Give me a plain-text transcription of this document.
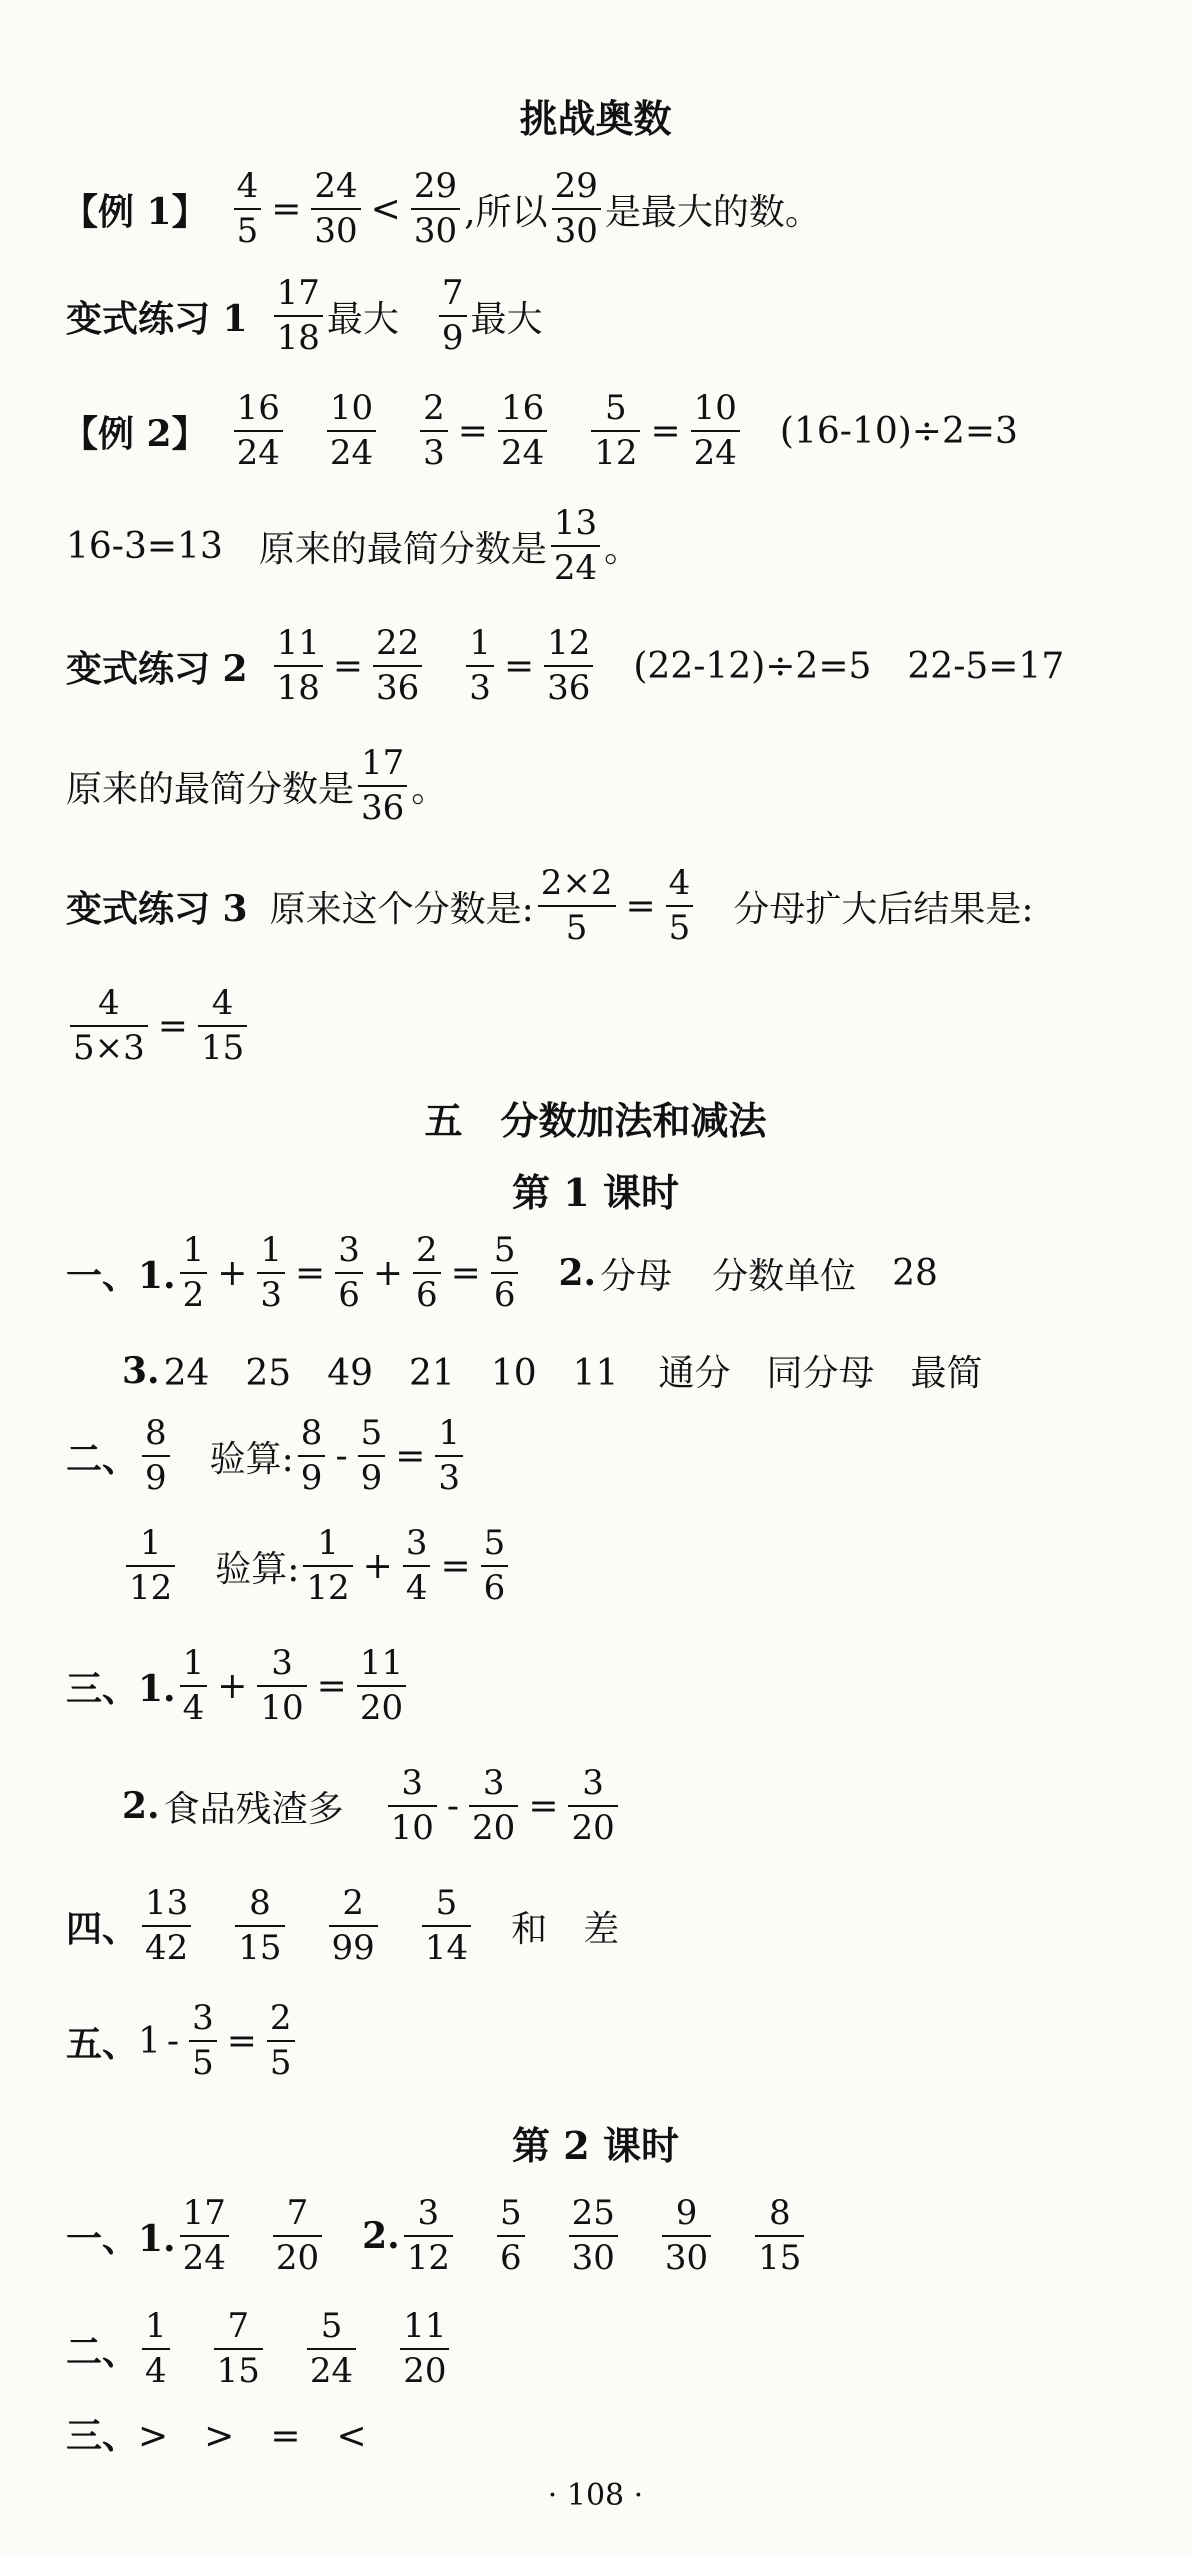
挑战奥数
【例 1】 $\frac{4}{5} = \frac{24}{30} < \frac{29}{30}$ ,所以 $\frac{29}{30}$ 是最大的数。
变式练习 $1 \frac{17}{18}$ 最大 $\frac{7}{9}$ 最大
【例 2】 $\frac{16}{24} \frac{10}{24} \frac{2}{3} = \frac{16}{24} \frac{5}{12} = \frac{10}{24} (16-10)\div 2=3$
16-3=13 原来的最简分数是 $\frac{13}{24}$ 。
变式练习 $2 \frac{11}{18} = \frac{22}{36} \frac{1}{3} = \frac{12}{36} (22-12)\div 2=5$ 22-5=17
原来的最简分数是 $\frac{17}{36}$ 。
变式练习 3 原来这个分数是: $\frac{2\times 2}{5} = \frac{4}{5}$ 分母扩大后结果是:
$\frac{4}{5\times 3} = \frac{4}{15}$
五　分数加法和减法
第 1 课时
一、1. $\frac{1}{2} + \frac{1}{3} = \frac{3}{6} + \frac{2}{6} = \frac{5}{6} 2$. 分母 分数单位 28
3. 24　25　49　21　10　11 通分 同分母 最简
二、 $\frac{8}{9}$ 验算: $\frac{8}{9} - \frac{5}{9} = \frac{1}{3}$
$\frac{1}{12}$ 验算: $\frac{1}{12} + \frac{3}{4} = \frac{5}{6}$
三、1. $\frac{1}{4} + \frac{3}{10} = \frac{11}{20}$
2. 食品残渣多 $\frac{3}{10} - \frac{3}{20} = \frac{3}{20}$
四、 $\frac{13}{42} \frac{8}{15} \frac{2}{99} \frac{5}{14}$ 和 差
五、 $1 - \frac{3}{5} = \frac{2}{5}$
第 2 课时
一、1. $\frac{17}{24} \frac{7}{20} 2$. $\frac{3}{12} \frac{5}{6} \frac{25}{30} \frac{9}{30} \frac{8}{15}$
二、 $\frac{1}{4} \frac{7}{15} \frac{5}{24} \frac{11}{20}$
三、 >　>　=　<
· 108 ·
